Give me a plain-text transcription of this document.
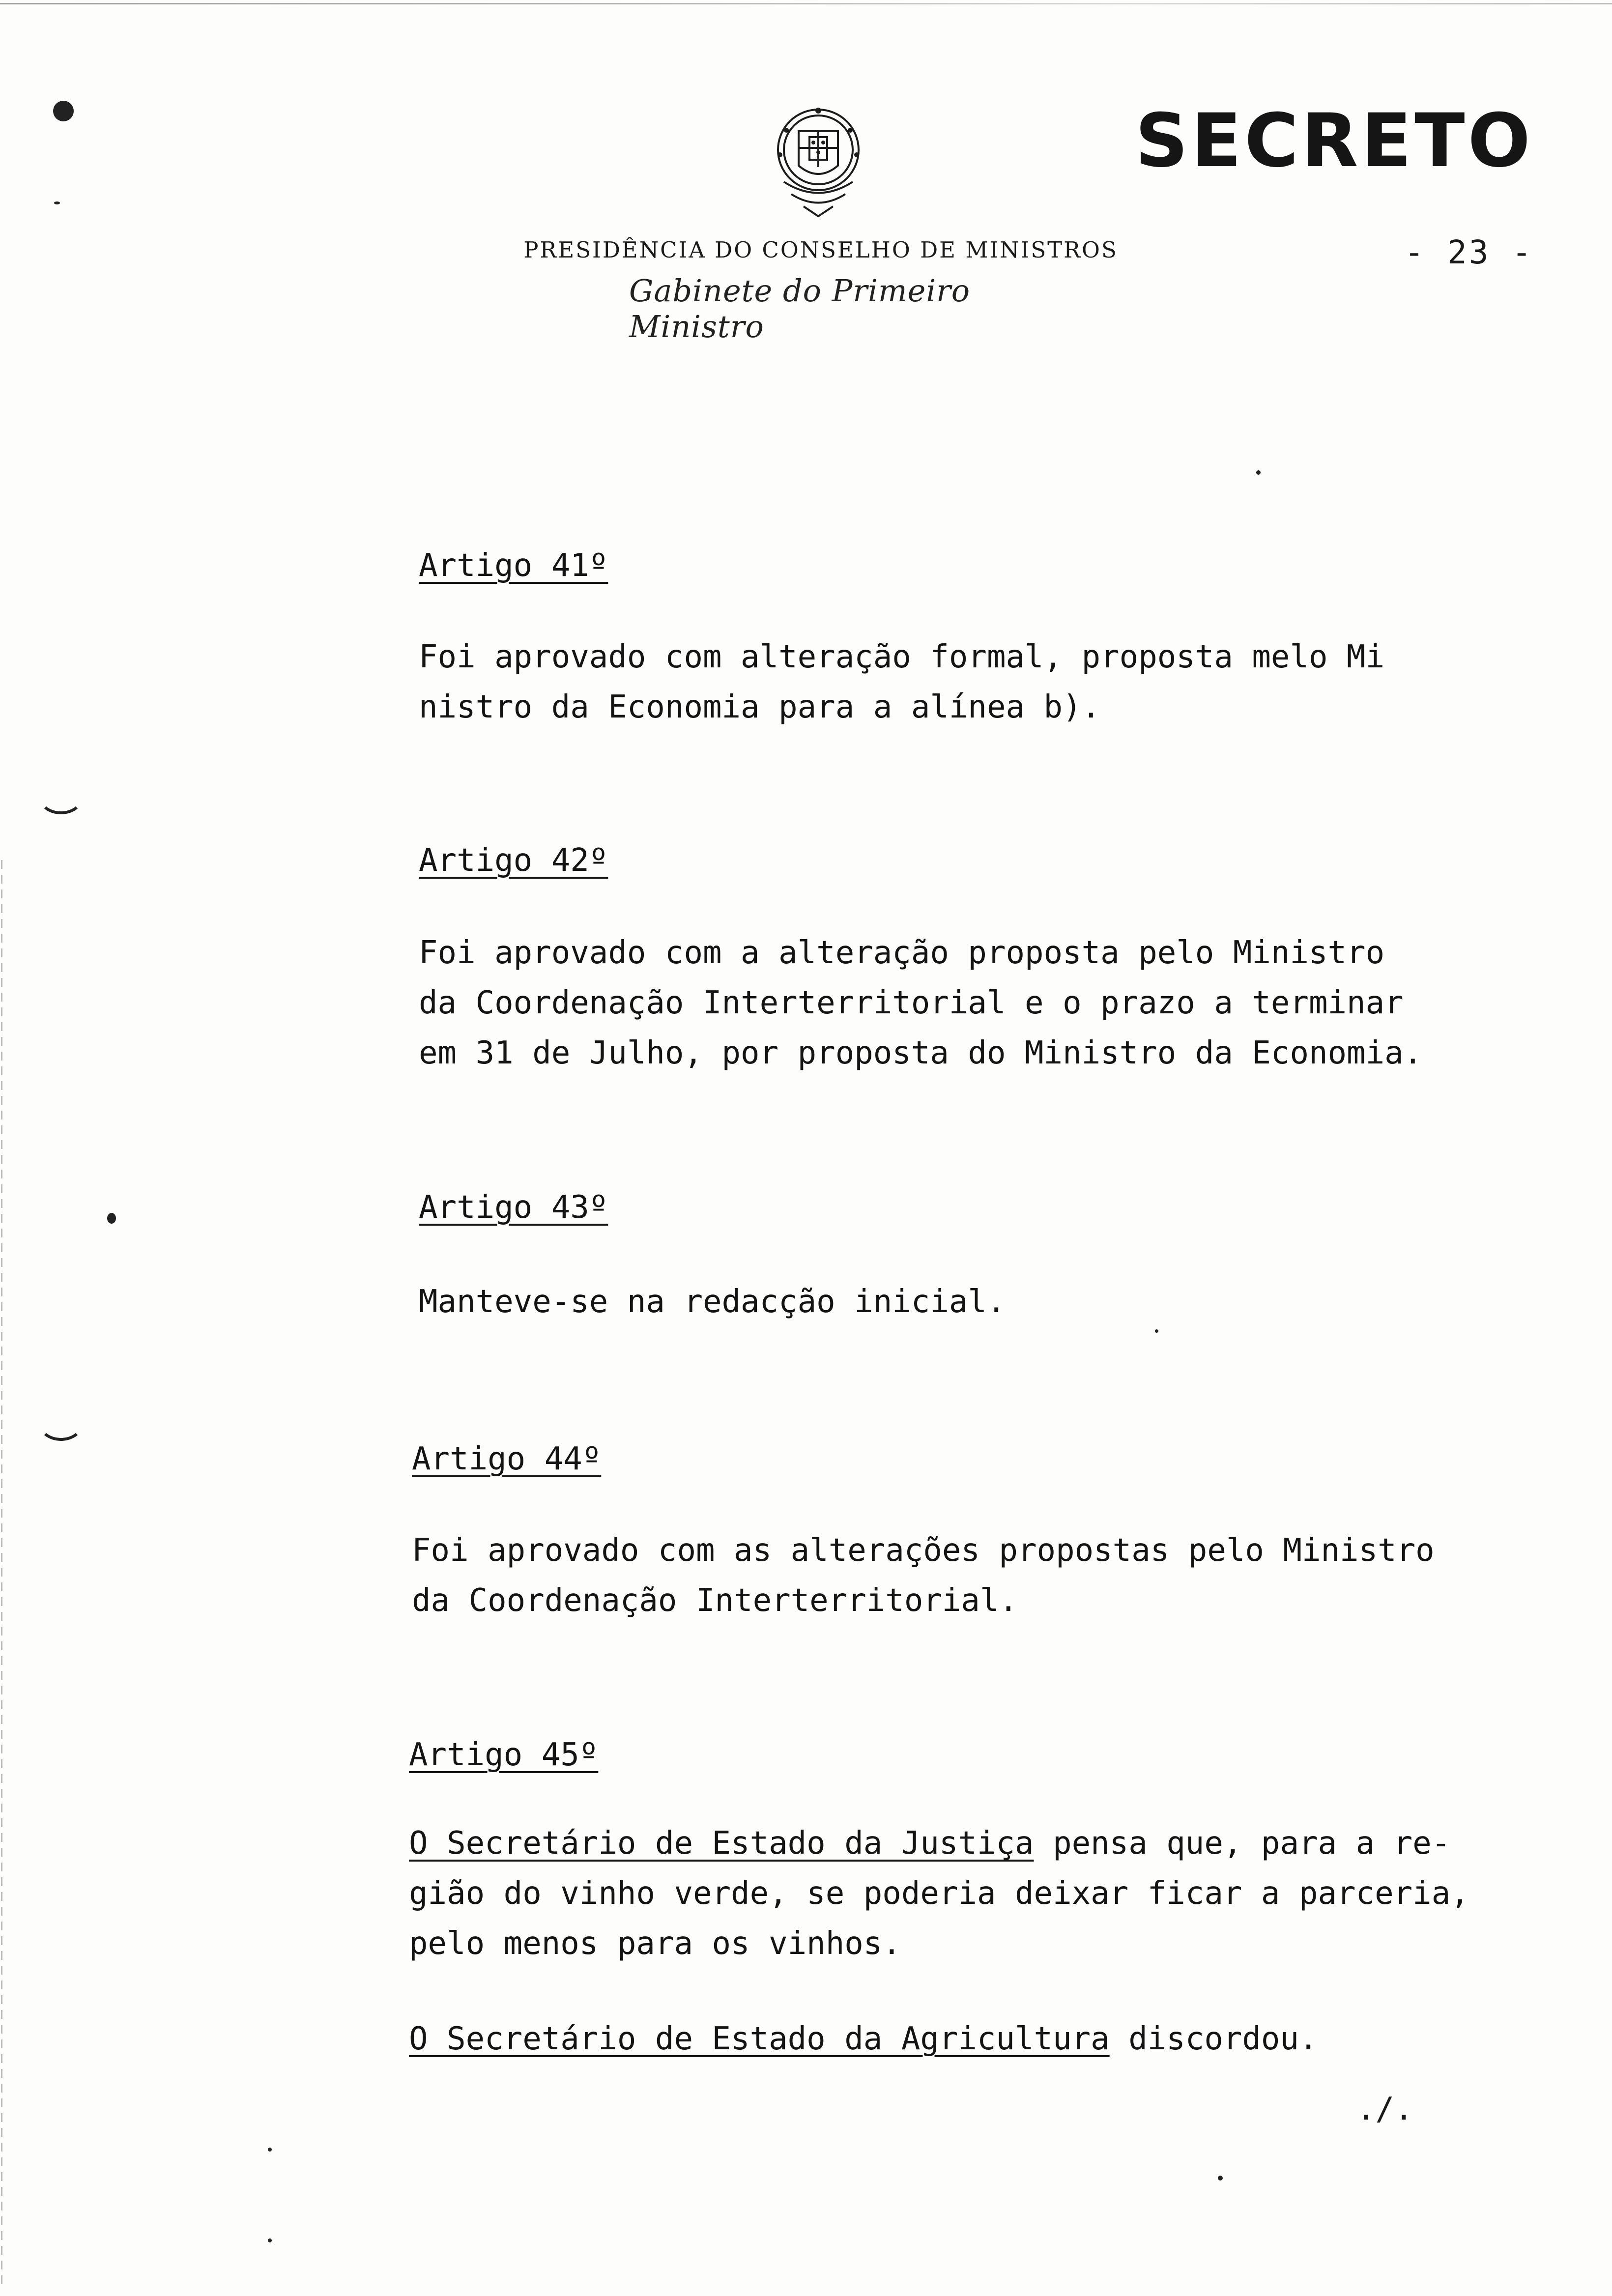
SECRETO
- 23 -
PRESIDÊNCIA DO CONSELHO DE MINISTROS
Gabinete do Primeiro Ministro
Artigo 41º
Foi aprovado com alteração formal, proposta melo Mi
nistro da Economia para a alínea b).
Artigo 42º
Foi aprovado com a alteração proposta pelo Ministro
da Coordenação Interterritorial e o prazo a terminar
em 31 de Julho, por proposta do Ministro da Economia.
Artigo 43º
Manteve-se na redacção inicial.
Artigo 44º
Foi aprovado com as alterações propostas pelo Ministro
da Coordenação Interterritorial.
Artigo 45º
O Secretário de Estado da Justiça pensa que, para a re-
gião do vinho verde, se poderia deixar ficar a parceria,
pelo menos para os vinhos.
O Secretário de Estado da Agricultura discordou.
./.
